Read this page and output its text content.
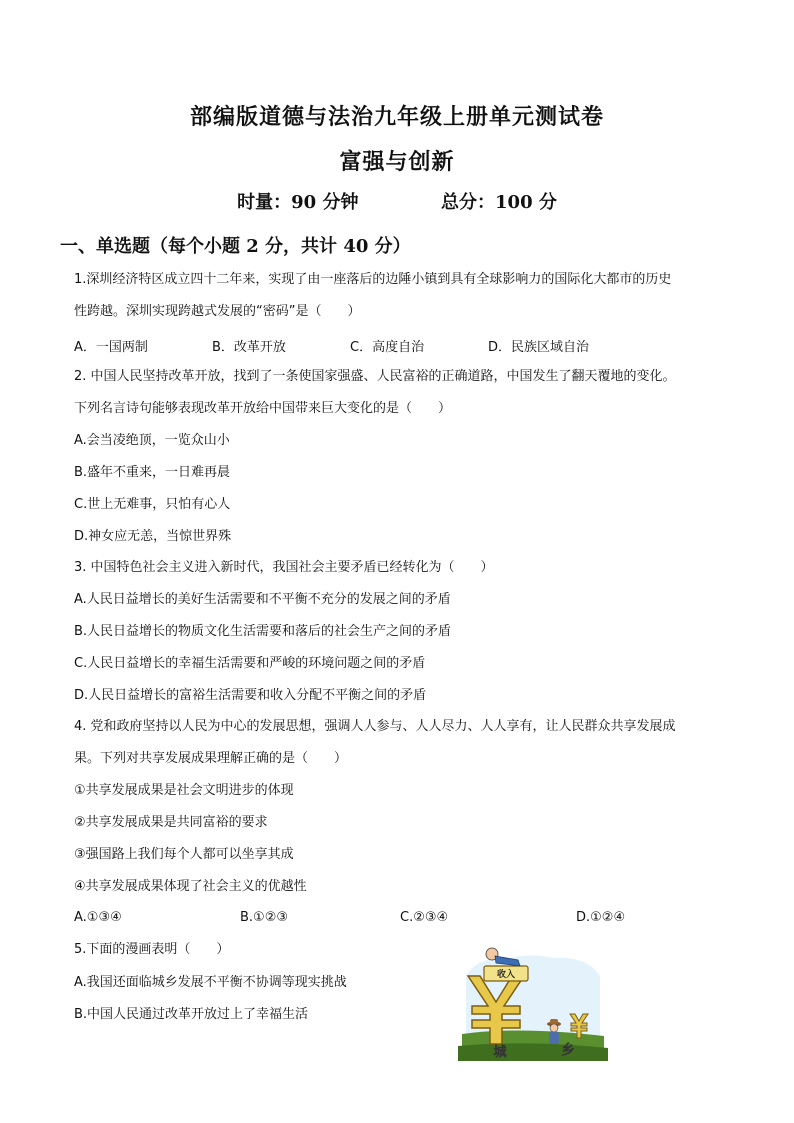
部编版道德与法治九年级上册单元测试卷
富强与创新
时量：90 分钟	总分：100 分
一、单选题（每个小题 2 分，共计 40 分）
1.深圳经济特区成立四十二年来，实现了由一座落后的边陲小镇到具有全球影响力的国际化大都市的历史
性跨越。深圳实现跨越式发展的“密码”是（　　）
A．一国两制	B．改革开放	C．高度自治	D．民族区域自治
2. 中国人民坚持改革开放，找到了一条使国家强盛、人民富裕的正确道路，中国发生了翻天覆地的变化。
下列名言诗句能够表现改革开放给中国带来巨大变化的是（　　）
A.会当凌绝顶，一览众山小
B.盛年不重来，一日难再晨
C.世上无难事，只怕有心人
D.神女应无恙，当惊世界殊
3. 中国特色社会主义进入新时代，我国社会主要矛盾已经转化为（　　）
A.人民日益增长的美好生活需要和不平衡不充分的发展之间的矛盾
B.人民日益增长的物质文化生活需要和落后的社会生产之间的矛盾
C.人民日益增长的幸福生活需要和严峻的环境问题之间的矛盾
D.人民日益增长的富裕生活需要和收入分配不平衡之间的矛盾
4. 党和政府坚持以人民为中心的发展思想，强调人人参与、人人尽力、人人享有，让人民群众共享发展成
果。下列对共享发展成果理解正确的是（　　）
①共享发展成果是社会文明进步的体现
②共享发展成果是共同富裕的要求
③强国路上我们每个人都可以坐享其成
④共享发展成果体现了社会主义的优越性
A.①③④	B.①②③	C.②③④	D.①②④
5.下面的漫画表明（　　）
A.我国还面临城乡发展不平衡不协调等现实挑战
B.中国人民通过改革开放过上了幸福生活
收入
城	乡
